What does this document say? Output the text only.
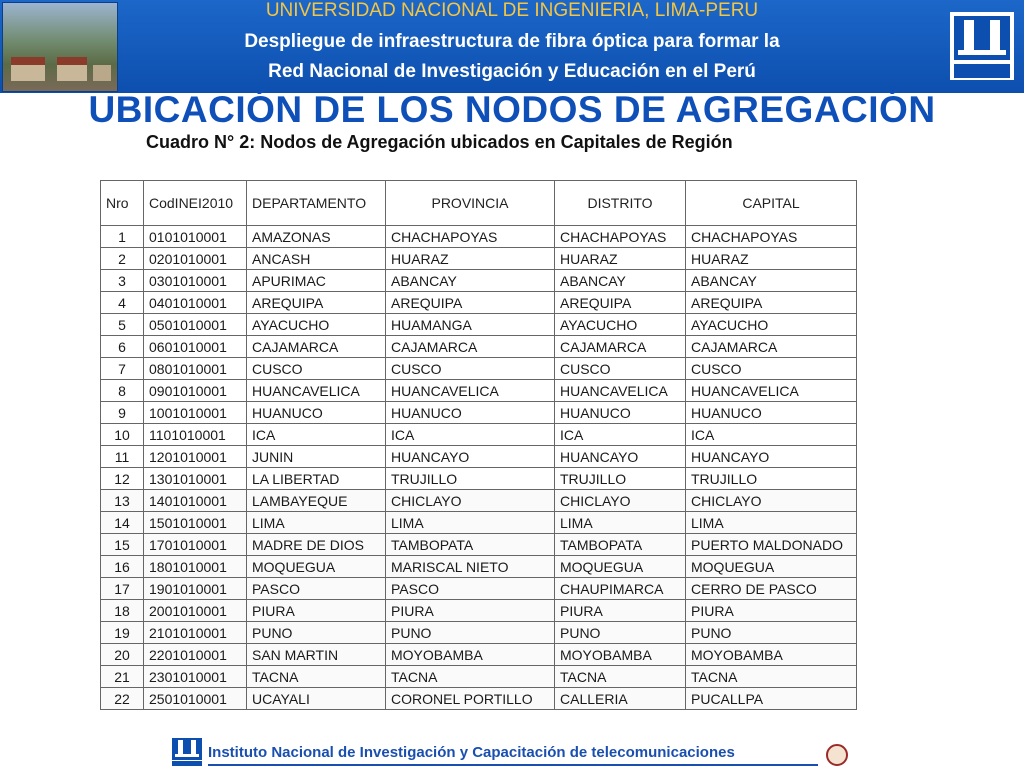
UNIVERSIDAD NACIONAL DE INGENIERIA, LIMA-PERU
Despliegue de infraestructura de fibra óptica para formar la
Red Nacional de Investigación y Educación en el Perú
UBICACIÓN DE LOS NODOS DE AGREGACIÓN
Cuadro N° 2: Nodos de Agregación ubicados en Capitales de Región
Nro	CodINEI2010	DEPARTAMENTO	PROVINCIA	DISTRITO	CAPITAL
1	0101010001	AMAZONAS	CHACHAPOYAS	CHACHAPOYAS	CHACHAPOYAS
2	0201010001	ANCASH	HUARAZ	HUARAZ	HUARAZ
3	0301010001	APURIMAC	ABANCAY	ABANCAY	ABANCAY
4	0401010001	AREQUIPA	AREQUIPA	AREQUIPA	AREQUIPA
5	0501010001	AYACUCHO	HUAMANGA	AYACUCHO	AYACUCHO
6	0601010001	CAJAMARCA	CAJAMARCA	CAJAMARCA	CAJAMARCA
7	0801010001	CUSCO	CUSCO	CUSCO	CUSCO
8	0901010001	HUANCAVELICA	HUANCAVELICA	HUANCAVELICA	HUANCAVELICA
9	1001010001	HUANUCO	HUANUCO	HUANUCO	HUANUCO
10	1101010001	ICA	ICA	ICA	ICA
11	1201010001	JUNIN	HUANCAYO	HUANCAYO	HUANCAYO
12	1301010001	LA LIBERTAD	TRUJILLO	TRUJILLO	TRUJILLO
13	1401010001	LAMBAYEQUE	CHICLAYO	CHICLAYO	CHICLAYO
14	1501010001	LIMA	LIMA	LIMA	LIMA
15	1701010001	MADRE DE DIOS	TAMBOPATA	TAMBOPATA	PUERTO MALDONADO
16	1801010001	MOQUEGUA	MARISCAL NIETO	MOQUEGUA	MOQUEGUA
17	1901010001	PASCO	PASCO	CHAUPIMARCA	CERRO DE PASCO
18	2001010001	PIURA	PIURA	PIURA	PIURA
19	2101010001	PUNO	PUNO	PUNO	PUNO
20	2201010001	SAN MARTIN	MOYOBAMBA	MOYOBAMBA	MOYOBAMBA
21	2301010001	TACNA	TACNA	TACNA	TACNA
22	2501010001	UCAYALI	CORONEL PORTILLO	CALLERIA	PUCALLPA
Instituto Nacional de Investigación y Capacitación de telecomunicaciones
